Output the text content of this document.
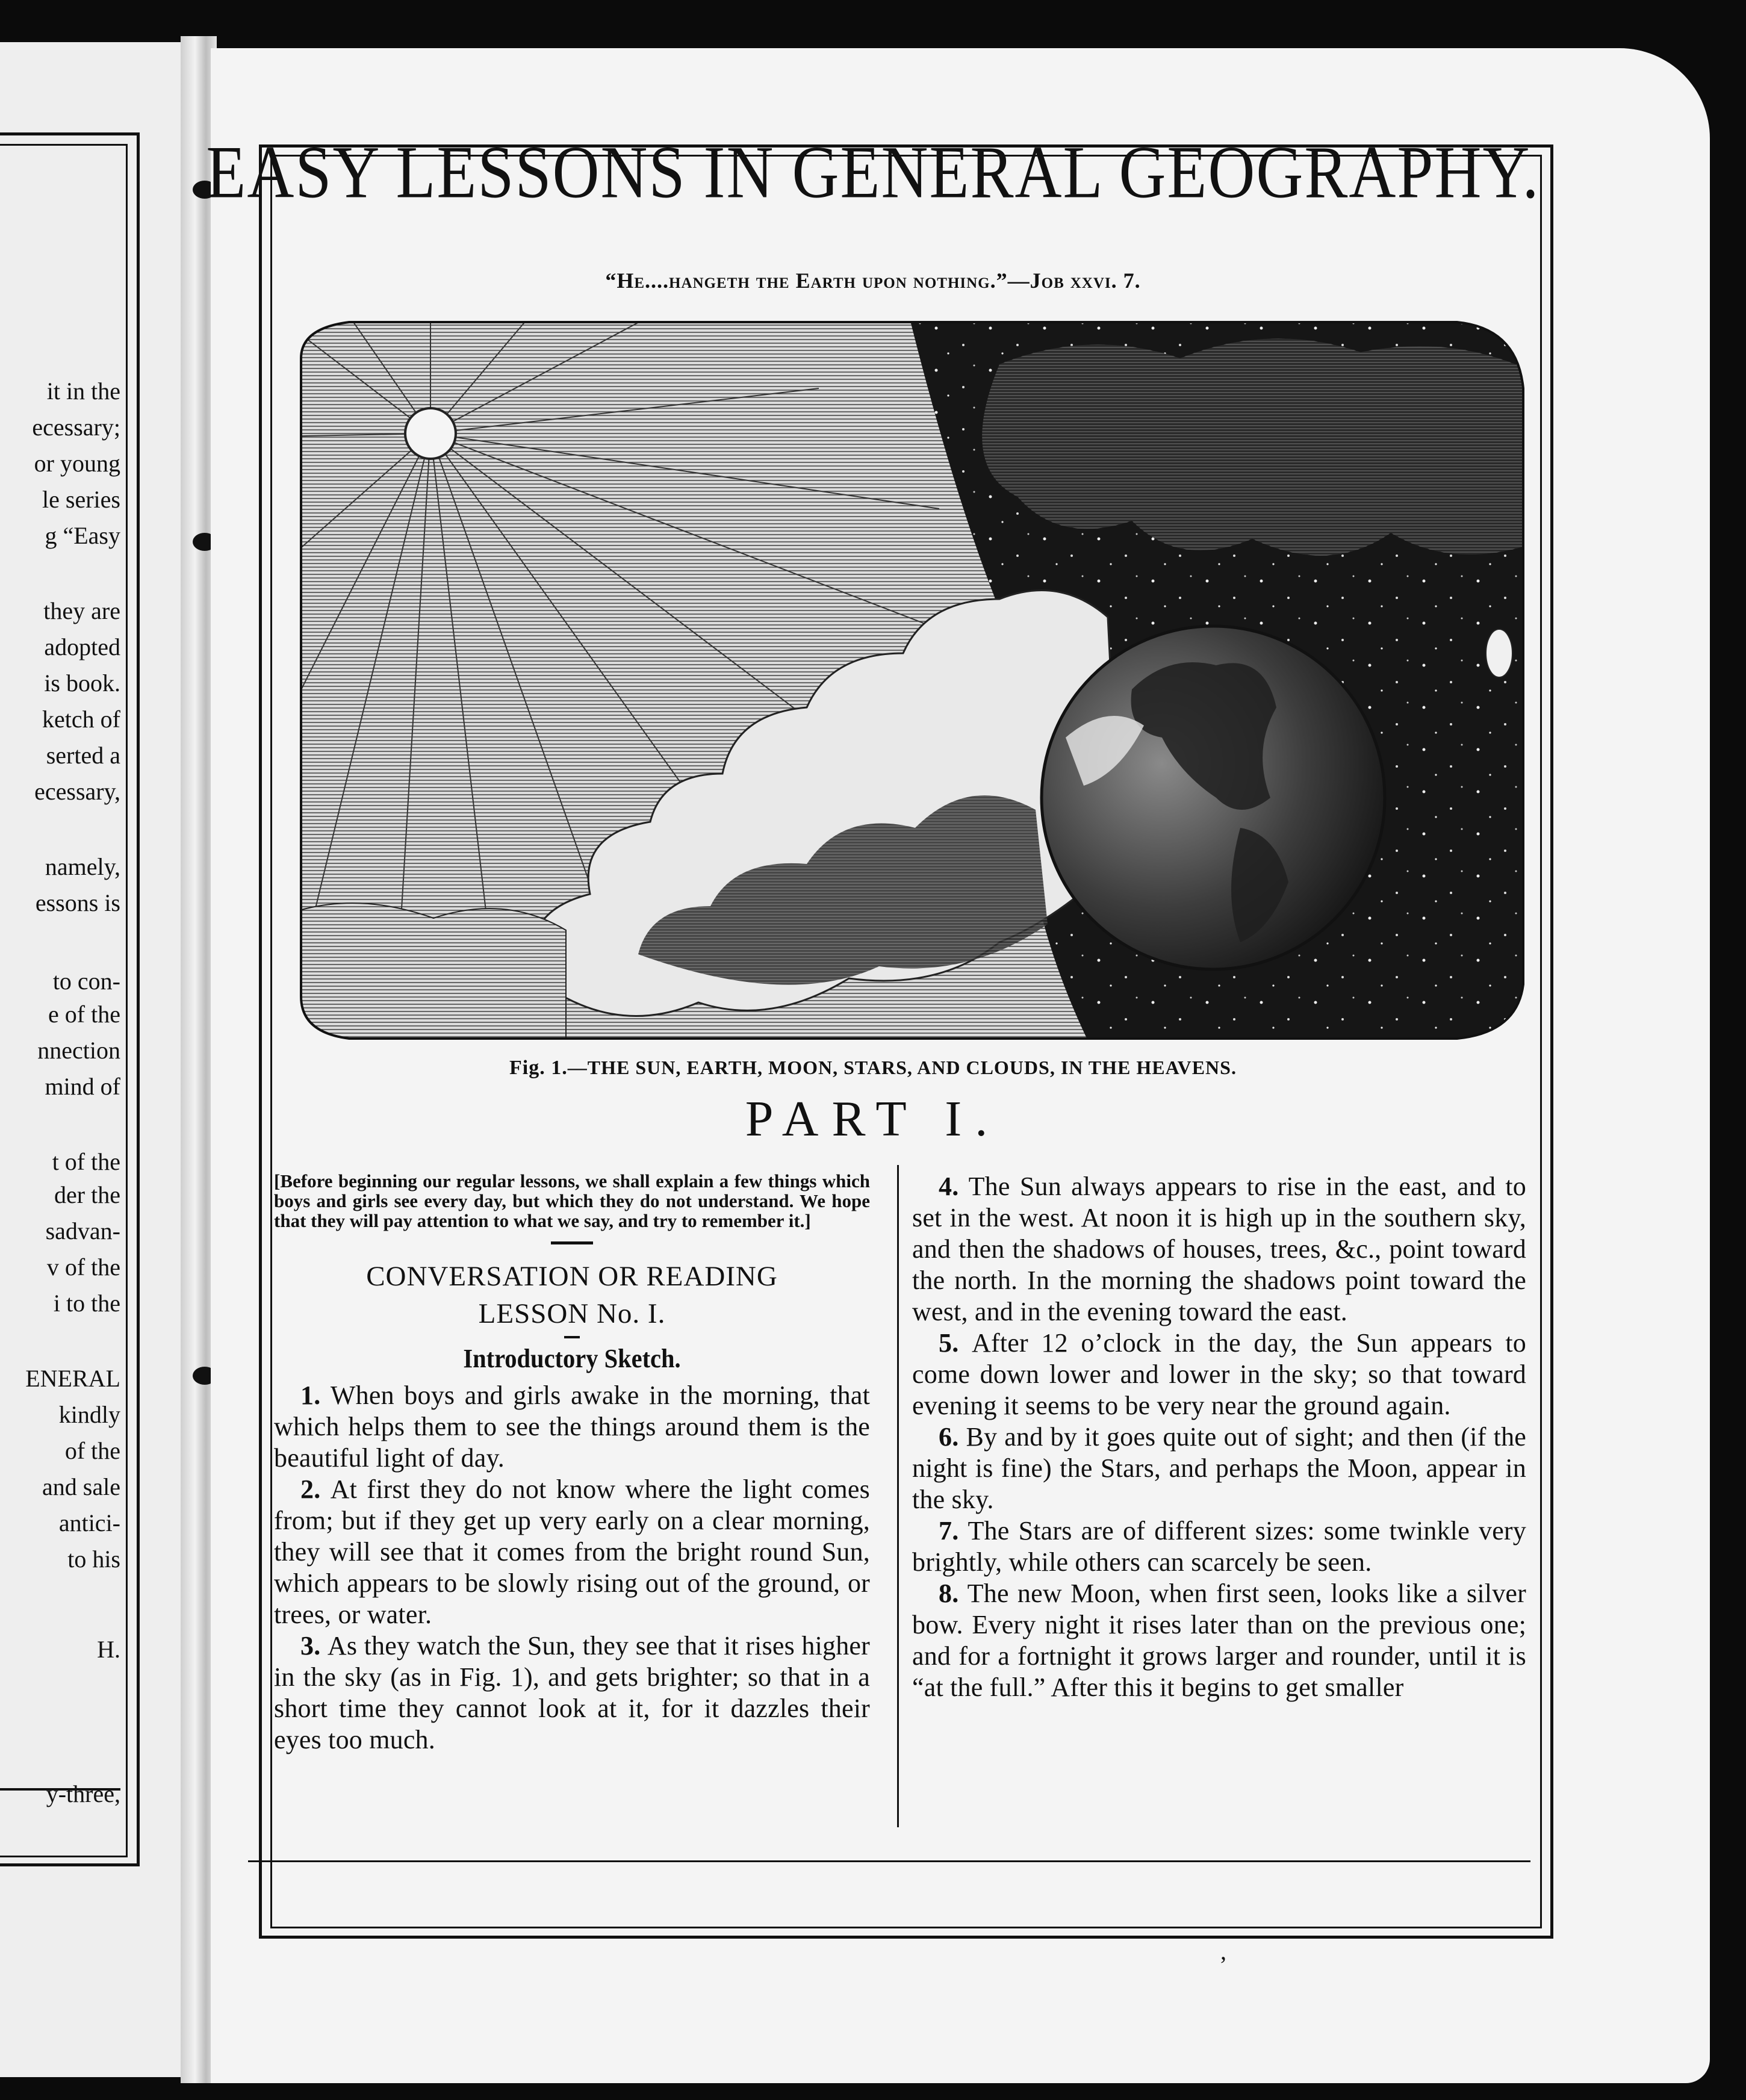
it in the
ecessary;
or young
le series
g “Easy
they are
adopted
is book.
ketch of
serted a
ecessary,
namely,
essons is
to con-
e of the
nnection
mind of
t of the
der the
sadvan-
v of the
i to the
ENERAL
kindly
of the
and sale
antici-
to his
H.
y-three,
EASY LESSONS IN GENERAL GEOGRAPHY.
“He....hangeth the Earth upon nothing.”—Job xxvi. 7.
Fig. 1.—THE SUN, EARTH, MOON, STARS, AND CLOUDS, IN THE HEAVENS.
PART I.

[Before beginning our regular lessons, we shall explain a few things which boys and girls see every day, but which they do not understand. We hope that they will pay attention to what we say, and try to remember it.]

CONVERSATION OR READING
LESSON No. I.

Introductory Sketch.

1. When boys and girls awake in the morning, that which helps them to see the things around them is the beautiful light of day.

2. At first they do not know where the light comes from; but if they get up very early on a clear morning, they will see that it comes from the bright round Sun, which appears to be slowly rising out of the ground, or trees, or water.

3. As they watch the Sun, they see that it rises higher in the sky (as in Fig. 1), and gets brighter; so that in a short time they cannot look at it, for it dazzles their eyes too much.

4. The Sun always appears to rise in the east, and to set in the west. At noon it is high up in the southern sky, and then the shadows of houses, trees, &c., point toward the north. In the morning the shadows point toward the west, and in the evening toward the east.

5. After 12 o’clock in the day, the Sun appears to come down lower and lower in the sky; so that toward evening it seems to be very near the ground again.

6. By and by it goes quite out of sight; and then (if the night is fine) the Stars, and perhaps the Moon, appear in the sky.

7. The Stars are of different sizes: some twinkle very brightly, while others can scarcely be seen.

8. The new Moon, when first seen, looks like a silver bow. Every night it rises later than on the previous one; and for a fortnight it grows larger and rounder, until it is “at the full.” After this it begins to get smaller

’
